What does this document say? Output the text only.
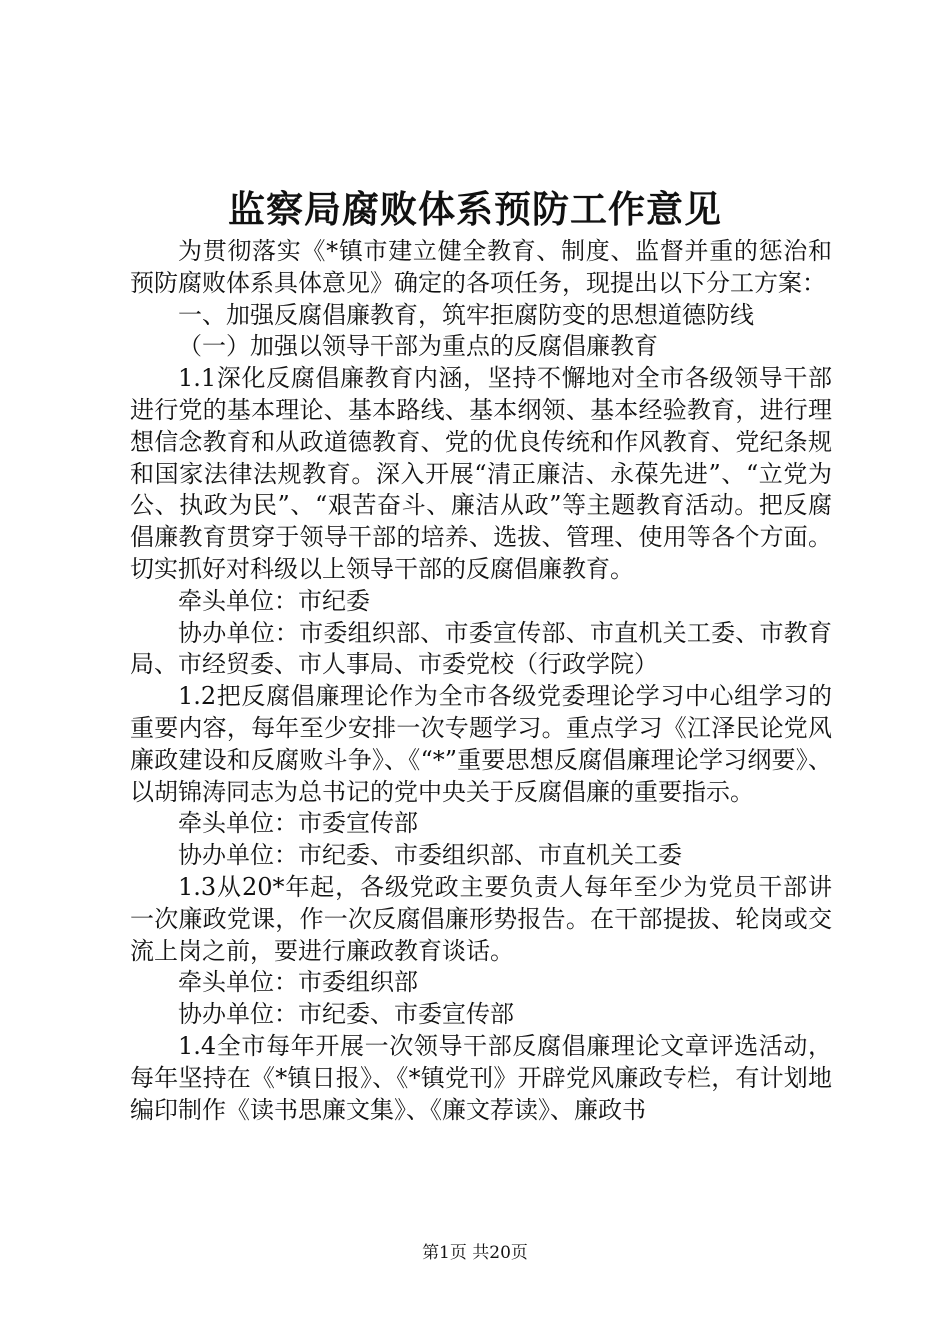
监察局腐败体系预防工作意见

为贯彻落实《*镇市建立健全教育、制度、监督并重的惩治和预防腐败体系具体意见》确定的各项任务，现提出以下分工方案：

一、加强反腐倡廉教育，筑牢拒腐防变的思想道德防线

（一）加强以领导干部为重点的反腐倡廉教育

1.1深化反腐倡廉教育内涵，坚持不懈地对全市各级领导干部进行党的基本理论、基本路线、基本纲领、基本经验教育，进行理想信念教育和从政道德教育、党的优良传统和作风教育、党纪条规和国家法律法规教育。深入开展“清正廉洁、永葆先进”、“立党为公、执政为民”、“艰苦奋斗、廉洁从政”等主题教育活动。把反腐倡廉教育贯穿于领导干部的培养、选拔、管理、使用等各个方面。切实抓好对科级以上领导干部的反腐倡廉教育。

牵头单位：市纪委

协办单位：市委组织部、市委宣传部、市直机关工委、市教育局、市经贸委、市人事局、市委党校（行政学院）

1.2把反腐倡廉理论作为全市各级党委理论学习中心组学习的重要内容，每年至少安排一次专题学习。重点学习《江泽民论党风廉政建设和反腐败斗争》、《“*”重要思想反腐倡廉理论学习纲要》、以胡锦涛同志为总书记的党中央关于反腐倡廉的重要指示。

牵头单位：市委宣传部

协办单位：市纪委、市委组织部、市直机关工委

1.3从20*年起，各级党政主要负责人每年至少为党员干部讲一次廉政党课，作一次反腐倡廉形势报告。在干部提拔、轮岗或交流上岗之前，要进行廉政教育谈话。

牵头单位：市委组织部

协办单位：市纪委、市委宣传部

1.4全市每年开展一次领导干部反腐倡廉理论文章评选活动，每年坚持在《*镇日报》、《*镇党刊》开辟党风廉政专栏，有计划地编印制作《读书思廉文集》、《廉文荐读》、廉政书

第1页 共20页
